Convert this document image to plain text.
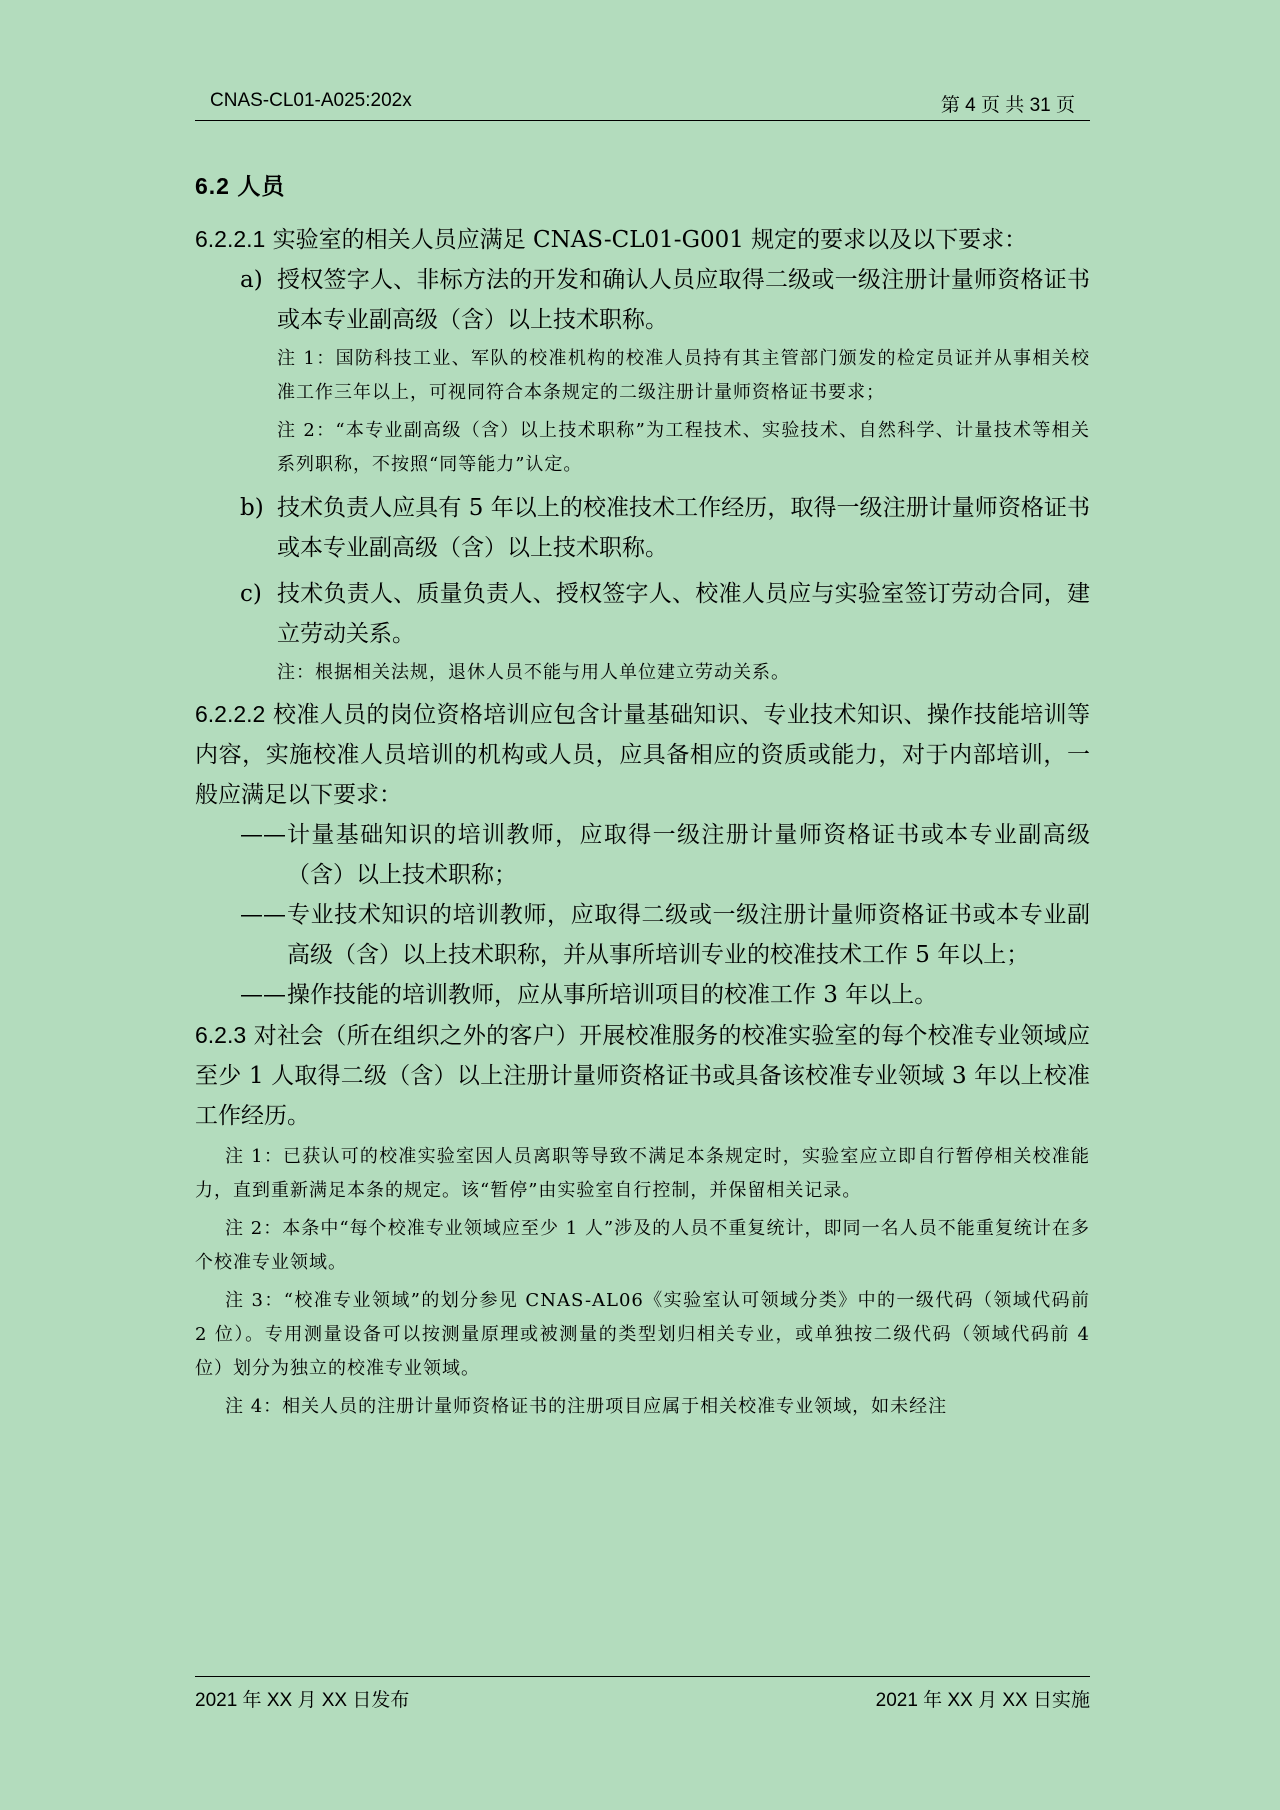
CNAS-CL01-A025:202x	第 4 页 共 31 页
6.2 人员

6.2.2.1 实验室的相关人员应满足 CNAS-CL01-G001 规定的要求以及以下要求：

a) 授权签字人、非标方法的开发和确认人员应取得二级或一级注册计量师资格证书或本专业副高级（含）以上技术职称。

注 1：国防科技工业、军队的校准机构的校准人员持有其主管部门颁发的检定员证并从事相关校准工作三年以上，可视同符合本条规定的二级注册计量师资格证书要求；

注 2：“本专业副高级（含）以上技术职称”为工程技术、实验技术、自然科学、计量技术等相关系列职称，不按照“同等能力”认定。

b) 技术负责人应具有 5 年以上的校准技术工作经历，取得一级注册计量师资格证书或本专业副高级（含）以上技术职称。

c) 技术负责人、质量负责人、授权签字人、校准人员应与实验室签订劳动合同，建立劳动关系。

注：根据相关法规，退休人员不能与用人单位建立劳动关系。

6.2.2.2 校准人员的岗位资格培训应包含计量基础知识、专业技术知识、操作技能培训等内容，实施校准人员培训的机构或人员，应具备相应的资质或能力，对于内部培训，一般应满足以下要求：

—— 计量基础知识的培训教师，应取得一级注册计量师资格证书或本专业副高级（含）以上技术职称；

—— 专业技术知识的培训教师，应取得二级或一级注册计量师资格证书或本专业副高级（含）以上技术职称，并从事所培训专业的校准技术工作 5 年以上；

—— 操作技能的培训教师，应从事所培训项目的校准工作 3 年以上。

6.2.3 对社会（所在组织之外的客户）开展校准服务的校准实验室的每个校准专业领域应至少 1 人取得二级（含）以上注册计量师资格证书或具备该校准专业领域 3 年以上校准工作经历。

注 1：已获认可的校准实验室因人员离职等导致不满足本条规定时，实验室应立即自行暂停相关校准能力，直到重新满足本条的规定。该“暂停”由实验室自行控制，并保留相关记录。

注 2：本条中“每个校准专业领域应至少 1 人”涉及的人员不重复统计，即同一名人员不能重复统计在多个校准专业领域。

注 3：“校准专业领域”的划分参见 CNAS-AL06《实验室认可领域分类》中的一级代码（领域代码前 2 位）。专用测量设备可以按测量原理或被测量的类型划归相关专业，或单独按二级代码（领域代码前 4 位）划分为独立的校准专业领域。

注 4：相关人员的注册计量师资格证书的注册项目应属于相关校准专业领域，如未经注

2021 年 XX 月 XX 日发布	2021 年 XX 月 XX 日实施
